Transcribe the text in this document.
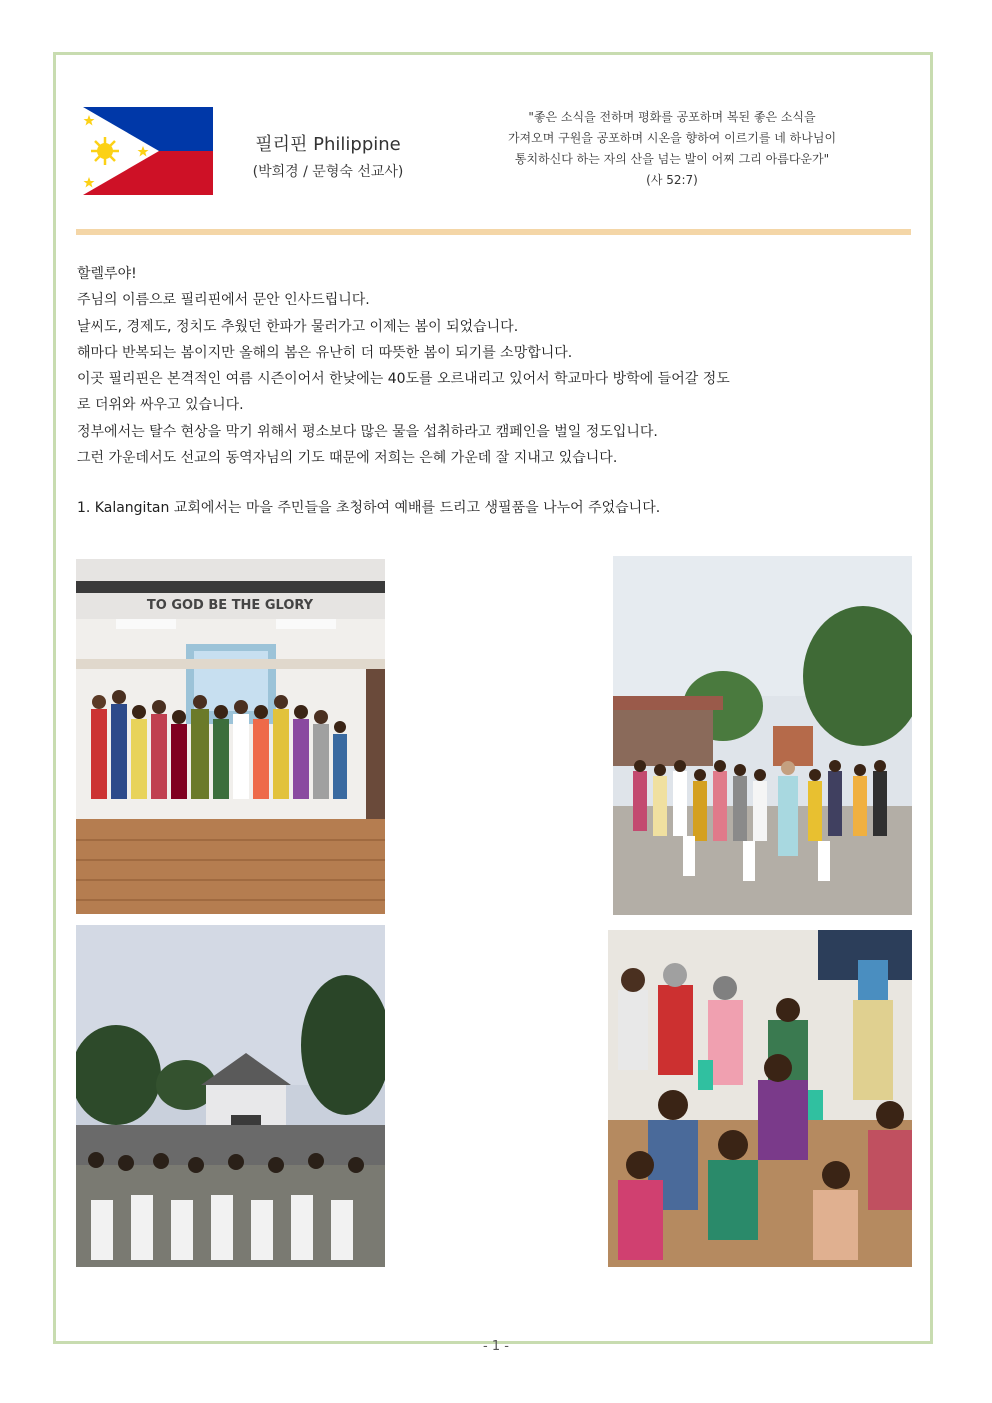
필리핀 Philippine
(박희경 / 문형숙 선교사)
"좋은 소식을 전하며 평화를 공포하며 복된 좋은 소식을
가져오며 구원을 공포하며 시온을 향하여 이르기를 네 하나님이
통치하신다 하는 자의 산을 넘는 발이 어찌 그리 아름다운가"
(사 52:7)

할렐루야!

주님의 이름으로 필리핀에서 문안 인사드립니다.

날씨도, 경제도, 정치도 추웠던 한파가 물러가고 이제는 봄이 되었습니다.

해마다 반복되는 봄이지만 올해의 봄은 유난히 더 따뜻한 봄이 되기를 소망합니다.

이곳 필리핀은 본격적인 여름 시즌이어서 한낮에는 40도를 오르내리고 있어서 학교마다 방학에 들어갈 정도

로 더위와 싸우고 있습니다.

정부에서는 탈수 현상을 막기 위해서 평소보다 많은 물을 섭취하라고 캠페인을 벌일 정도입니다.

그런 가운데서도 선교의 동역자님의 기도 때문에 저희는 은혜 가운데 잘 지내고 있습니다.

1. Kalangitan 교회에서는 마을 주민들을 초청하여 예배를 드리고 생필품을 나누어 주었습니다.
TO GOD BE THE GLORY
- 1 -
